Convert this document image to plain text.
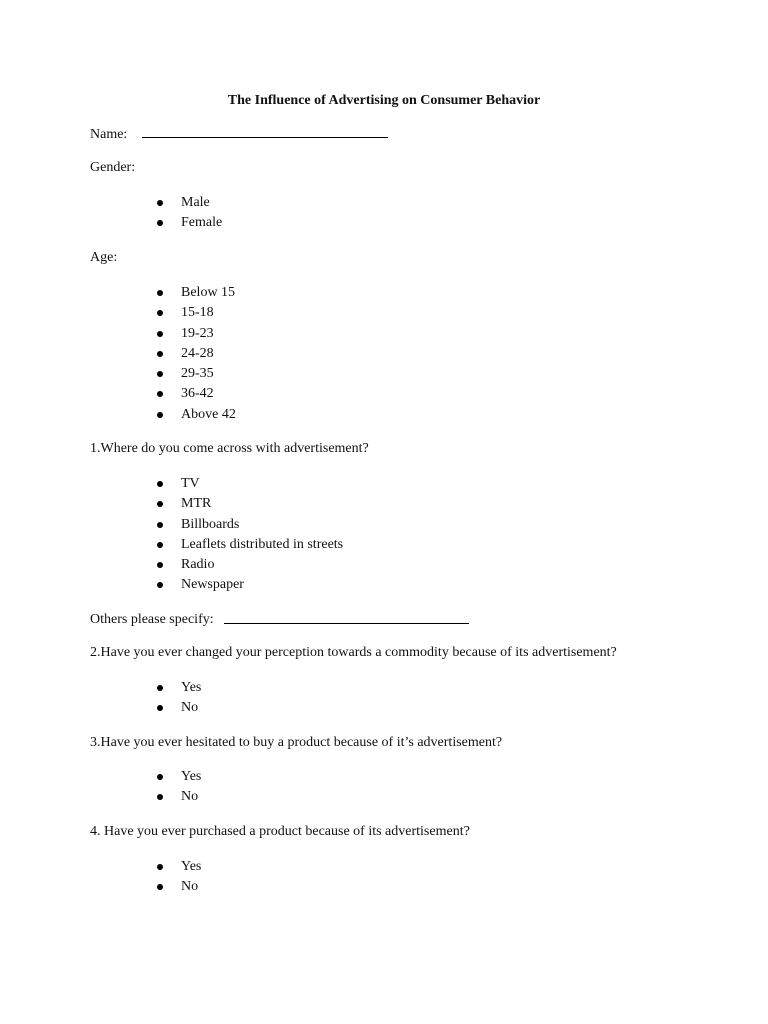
The Influence of Advertising on Consumer Behavior
Name:
Gender:
Male
Female
Age:
Below 15
15-18
19-23
24-28
29-35
36-42
Above 42
1.Where do you come across with advertisement?
TV
MTR
Billboards
Leaflets distributed in streets
Radio
Newspaper
Others please specify:
2.Have you ever changed your perception towards a commodity because of its advertisement?
Yes
No
3.Have you ever hesitated to buy a product because of it’s advertisement?
Yes
No
4. Have you ever purchased a product because of its advertisement?
Yes
No
